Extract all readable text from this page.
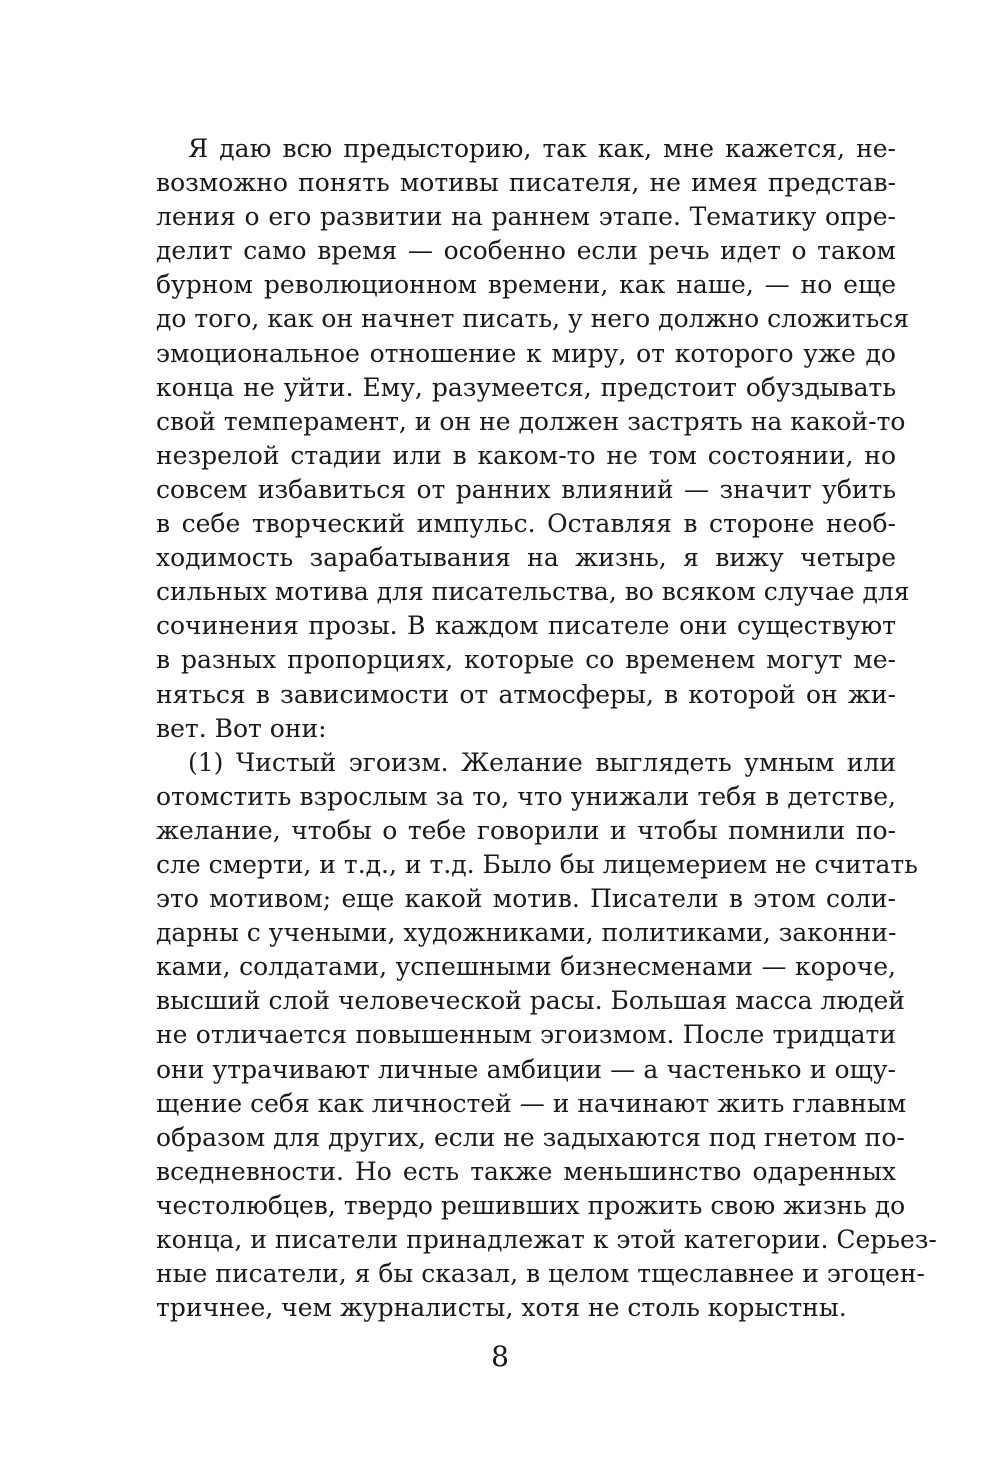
Я даю всю предысторию, так как, мне кажется, не-
возможно понять мотивы писателя, не имея представ-
ления о его развитии на раннем этапе. Тематику опре-
делит само время — особенно если речь идет о таком
бурном революционном времени, как наше, — но еще
до того, как он начнет писать, у него должно сложиться
эмоциональное отношение к миру, от которого уже до
конца не уйти. Ему, разумеется, предстоит обуздывать
свой темперамент, и он не должен застрять на какой-то
незрелой стадии или в каком-то не том состоянии, но
совсем избавиться от ранних влияний — значит убить
в себе творческий импульс. Оставляя в стороне необ-
ходимость зарабатывания на жизнь, я вижу четыре
сильных мотива для писательства, во всяком случае для
сочинения прозы. В каждом писателе они существуют
в разных пропорциях, которые со временем могут ме-
няться в зависимости от атмосферы, в которой он жи-
вет. Вот они:
(1) Чистый эгоизм. Желание выглядеть умным или
отомстить взрослым за то, что унижали тебя в детстве,
желание, чтобы о тебе говорили и чтобы помнили по-
сле смерти, и т.д., и т.д. Было бы лицемерием не считать
это мотивом; еще какой мотив. Писатели в этом соли-
дарны с учеными, художниками, политиками, законни-
ками, солдатами, успешными бизнесменами — короче,
высший слой человеческой расы. Большая масса людей
не отличается повышенным эгоизмом. После тридцати
они утрачивают личные амбиции — а частенько и ощу-
щение себя как личностей — и начинают жить главным
образом для других, если не задыхаются под гнетом по-
вседневности. Но есть также меньшинство одаренных
честолюбцев, твердо решивших прожить свою жизнь до
конца, и писатели принадлежат к этой категории. Серьез-
ные писатели, я бы сказал, в целом тщеславнее и эгоцен-
тричнее, чем журналисты, хотя не столь корыстны.
8
